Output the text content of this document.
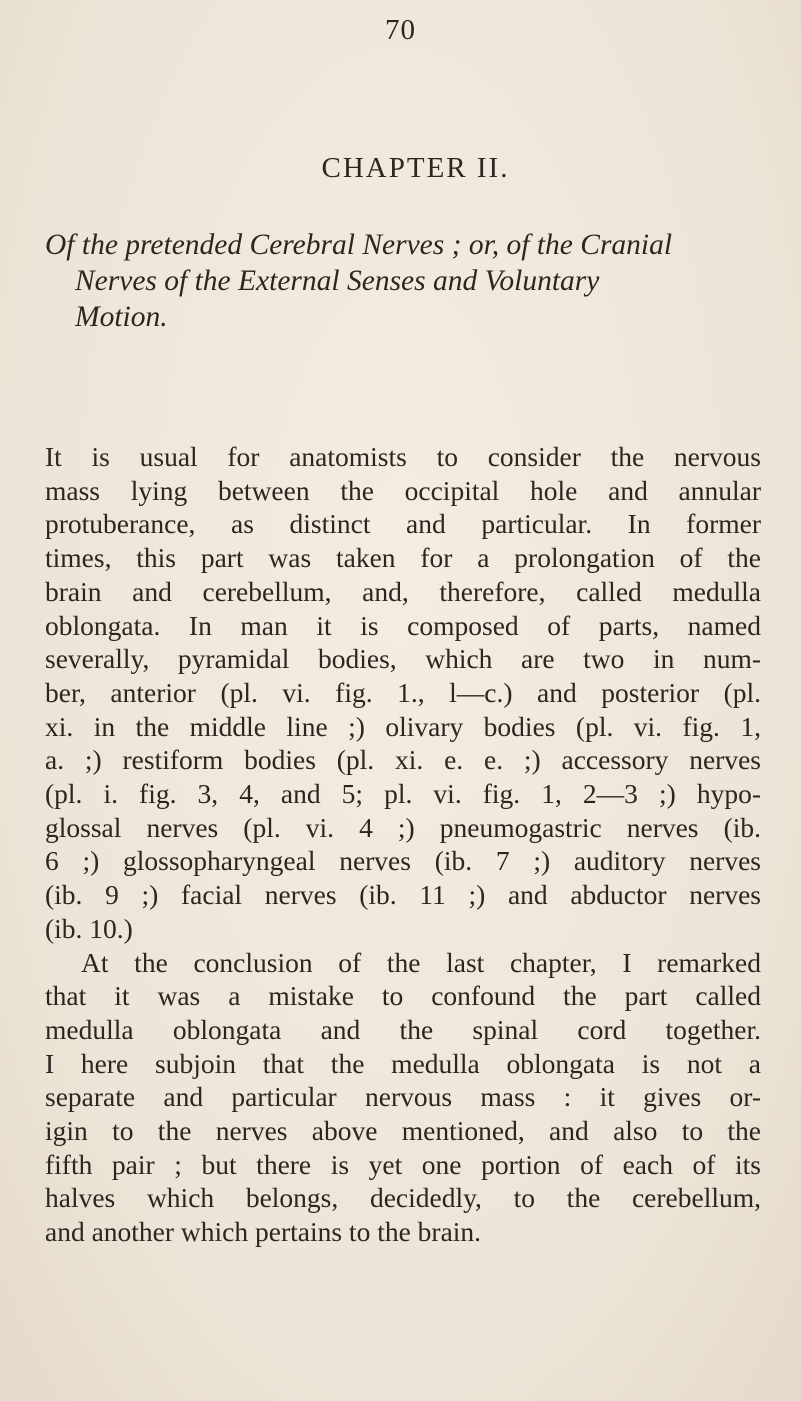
70
CHAPTER II.
Of the pretended Cerebral Nerves ; or, of the Cranial
Nerves of the External Senses and Voluntary
Motion.
It is usual for anatomists to consider the nervous
mass lying between the occipital hole and annular
protuberance, as distinct and particular. In former
times, this part was taken for a prolongation of the
brain and cerebellum, and, therefore, called medulla
oblongata. In man it is composed of parts, named
severally, pyramidal bodies, which are two in num-
ber, anterior (pl. vi. fig. 1., l—c.) and posterior (pl.
xi. in the middle line ;) olivary bodies (pl. vi. fig. 1,
a. ;) restiform bodies (pl. xi. e. e. ;) accessory nerves
(pl. i. fig. 3, 4, and 5; pl. vi. fig. 1, 2—3 ;) hypo-
glossal nerves (pl. vi. 4 ;) pneumogastric nerves (ib.
6 ;) glossopharyngeal nerves (ib. 7 ;) auditory nerves
(ib. 9 ;) facial nerves (ib. 11 ;) and abductor nerves
(ib. 10.)
At the conclusion of the last chapter, I remarked
that it was a mistake to confound the part called
medulla oblongata and the spinal cord together.
I here subjoin that the medulla oblongata is not a
separate and particular nervous mass : it gives or-
igin to the nerves above mentioned, and also to the
fifth pair ; but there is yet one portion of each of its
halves which belongs, decidedly, to the cerebellum,
and another which pertains to the brain.
